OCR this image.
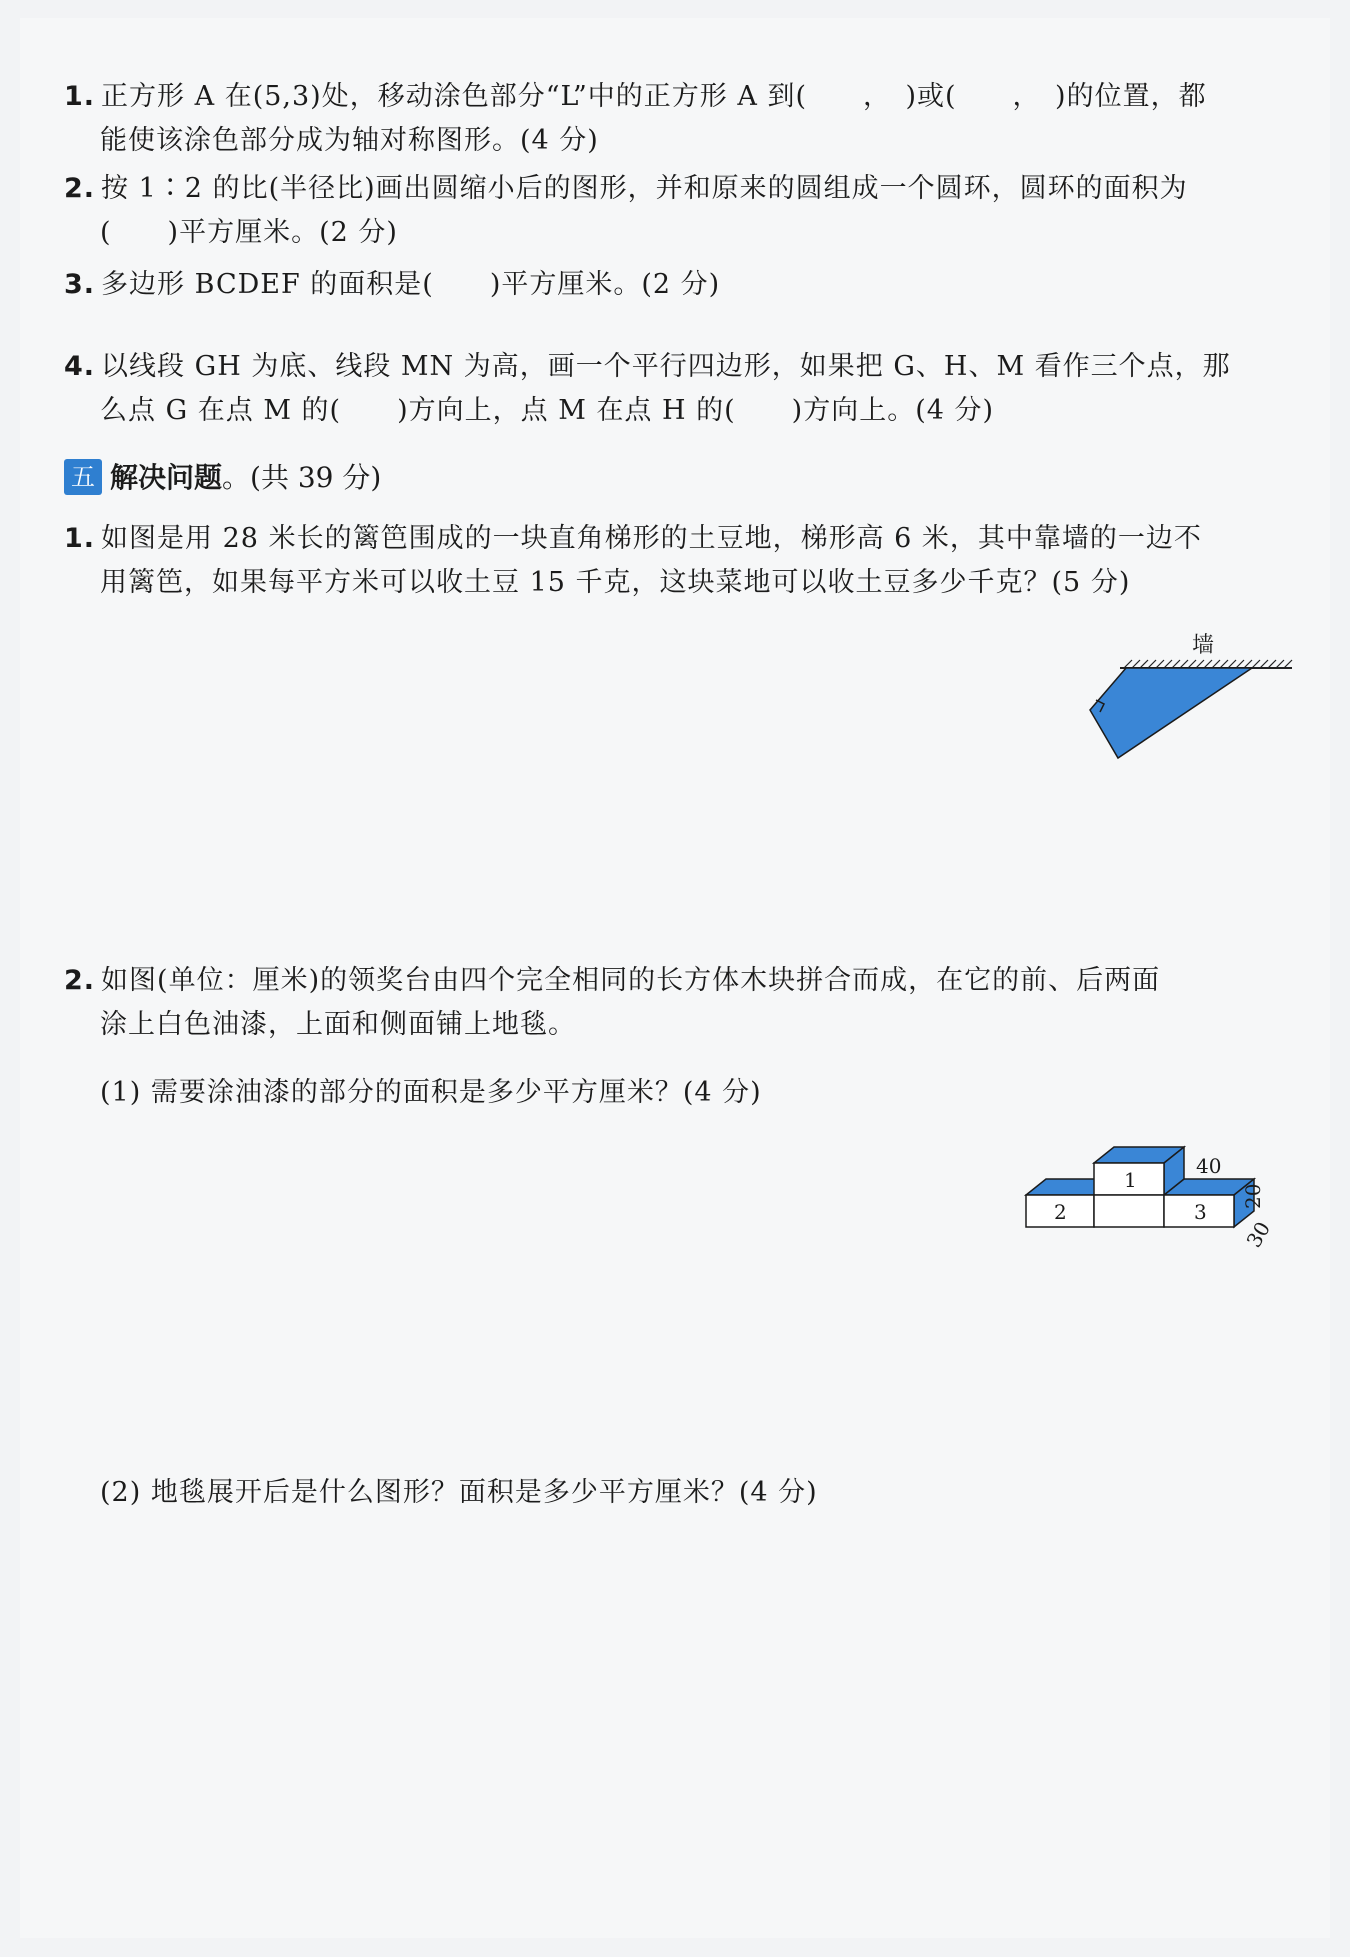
1. 正方形 A 在(5,3)处，移动涂色部分“L”中的正方形 A 到(　　，　)或(　　，　)的位置，都
能使该涂色部分成为轴对称图形。(4 分)
2. 按 1∶2 的比(半径比)画出圆缩小后的图形，并和原来的圆组成一个圆环，圆环的面积为
(　　)平方厘米。(2 分)
3. 多边形 BCDEF 的面积是(　　)平方厘米。(2 分)
4. 以线段 GH 为底、线段 MN 为高，画一个平行四边形，如果把 G、H、M 看作三个点，那
么点 G 在点 M 的(　　)方向上，点 M 在点 H 的(　　)方向上。(4 分)
五 解决问题。(共 39 分)
1. 如图是用 28 米长的篱笆围成的一块直角梯形的土豆地，梯形高 6 米，其中靠墙的一边不
用篱笆，如果每平方米可以收土豆 15 千克，这块菜地可以收土豆多少千克？(5 分)
墙
2. 如图(单位：厘米)的领奖台由四个完全相同的长方体木块拼合而成，在它的前、后两面
涂上白色油漆，上面和侧面铺上地毯。
(1) 需要涂油漆的部分的面积是多少平方厘米？(4 分)
1
2	3
40
20
30
(2) 地毯展开后是什么图形？面积是多少平方厘米？(4 分)
